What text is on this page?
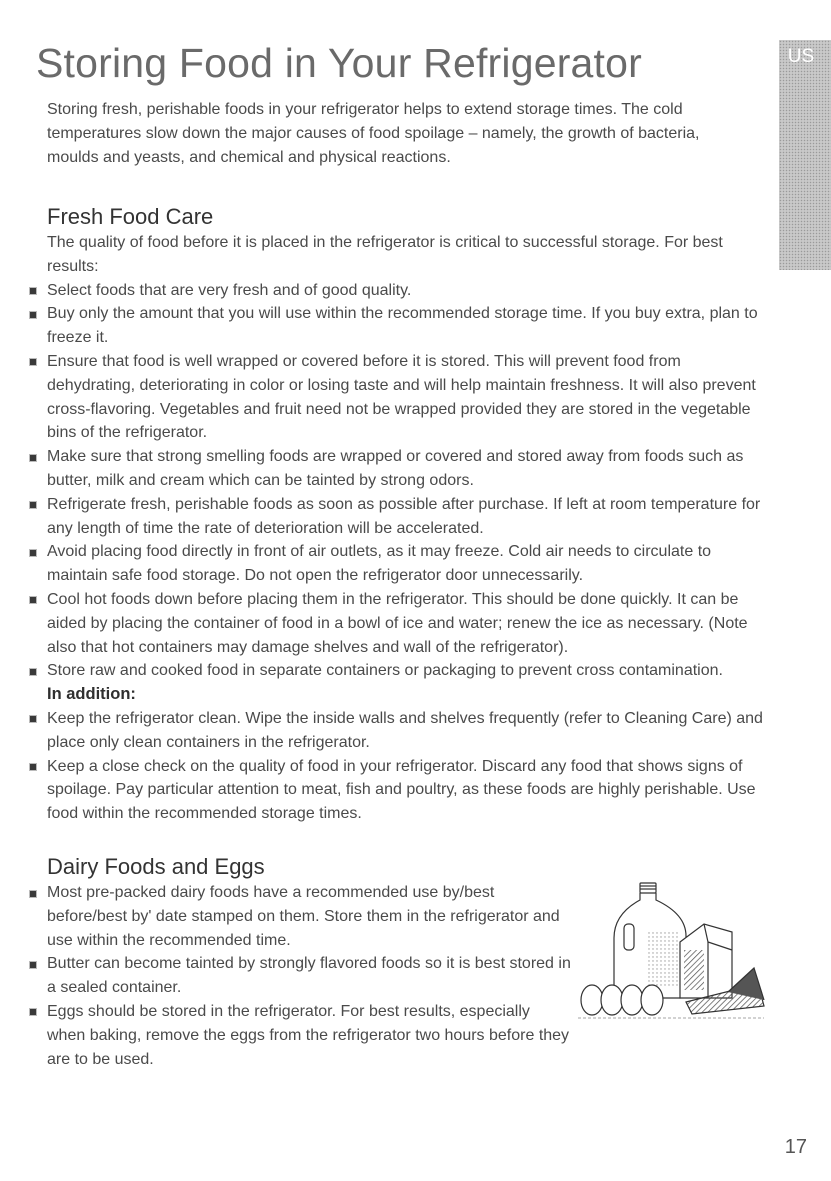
Storing Food in Your Refrigerator	US

Storing fresh, perishable foods in your refrigerator helps to extend storage times. The cold temperatures slow down the major causes of food spoilage – namely, the growth of bacteria, moulds and yeasts, and chemical and physical reactions.

Fresh Food Care

The quality of food before it is placed in the refrigerator is critical to successful storage. For best results:

Select foods that are very fresh and of good quality.
Buy only the amount that you will use within the recommended storage time. If you buy extra, plan to freeze it.
Ensure that food is well wrapped or covered before it is stored. This will prevent food from dehydrating, deteriorating in color or losing taste and will help maintain freshness. It will also prevent cross-flavoring. Vegetables and fruit need not be wrapped provided they are stored in the vegetable bins of the refrigerator.
Make sure that strong smelling foods are wrapped or covered and stored away from foods such as butter, milk and cream which can be tainted by strong odors.
Refrigerate fresh, perishable foods as soon as possible after purchase. If left at room temperature for any length of time the rate of deterioration will be accelerated.
Avoid placing food directly in front of air outlets, as it may freeze. Cold air needs to circulate to maintain safe food storage. Do not open the refrigerator door unnecessarily.
Cool hot foods down before placing them in the refrigerator. This should be done quickly. It can be aided by placing the container of food in a bowl of ice and water; renew the ice as necessary. (Note also that hot containers may damage shelves and wall of the refrigerator).
Store raw and cooked food in separate containers or packaging to prevent cross contamination.
In addition:
Keep the refrigerator clean. Wipe the inside walls and shelves frequently (refer to Cleaning Care) and place only clean containers in the refrigerator.
Keep a close check on the quality of food in your refrigerator. Discard any food that shows signs of spoilage. Pay particular attention to meat, fish and poultry, as these foods are highly perishable. Use food within the recommended storage times.
Dairy Foods and Eggs
Most pre-packed dairy foods have a recommended use by/best before/best by' date stamped on them. Store them in the refrigerator and use within the recommended time.
Butter can become tainted by strongly flavored foods so it is best stored in a sealed container.
Eggs should be stored in the refrigerator. For best results, especially when baking, remove the eggs from the refrigerator two hours before they are to be used.
17
